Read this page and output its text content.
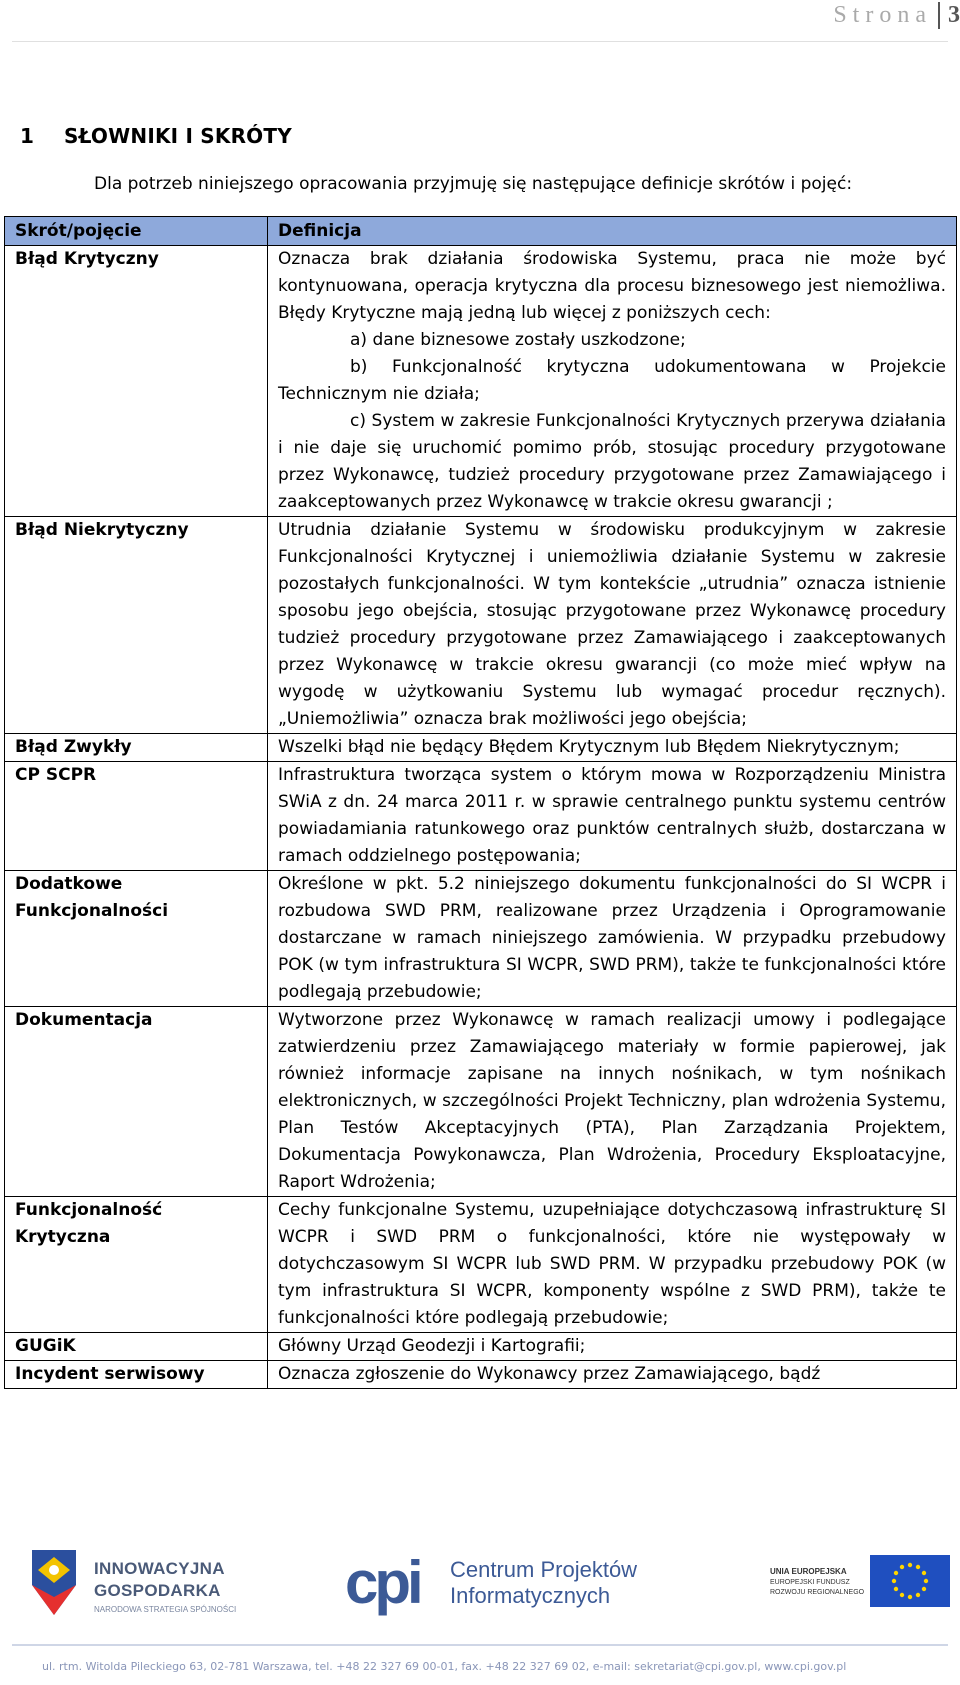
Strona 3
1 SŁOWNIKI I SKRÓTY
Dla potrzeb niniejszego opracowania przyjmuję się następujące definicje skrótów i pojęć:
Skrót/pojęcie	Definicja
Błąd Krytyczny	Oznacza brak działania środowiska Systemu, praca nie może być kontynuowana, operacja krytyczna dla procesu biznesowego jest niemożliwa. Błędy Krytyczne mają jedną lub więcej z poniższych cech:
a) dane biznesowe zostały uszkodzone;
b) Funkcjonalność krytyczna udokumentowana w Projekcie Technicznym nie działa;
c) System w zakresie Funkcjonalności Krytycznych przerywa działania i nie daje się uruchomić pomimo prób, stosując procedury przygotowane przez Wykonawcę, tudzież procedury przygotowane przez Zamawiającego i zaakceptowanych przez Wykonawcę w trakcie okresu gwarancji ;

Błąd Niekrytyczny	Utrudnia działanie Systemu w środowisku produkcyjnym w zakresie Funkcjonalności Krytycznej i uniemożliwia działanie Systemu w zakresie pozostałych funkcjonalności. W tym kontekście „utrudnia” oznacza istnienie sposobu jego obejścia, stosując przygotowane przez Wykonawcę procedury tudzież procedury przygotowane przez Zamawiającego i zaakceptowanych przez Wykonawcę w trakcie okresu gwarancji (co może mieć wpływ na wygodę w użytkowaniu Systemu lub wymagać procedur ręcznych). „Uniemożliwia” oznacza brak możliwości jego obejścia;
Błąd Zwykły	Wszelki błąd nie będący Błędem Krytycznym lub Błędem Niekrytycznym;
CP SCPR	Infrastruktura tworząca system o którym mowa w Rozporządzeniu Ministra SWiA z dn. 24 marca 2011 r. w sprawie centralnego punktu systemu centrów powiadamiania ratunkowego oraz punktów centralnych służb, dostarczana w ramach oddzielnego postępowania;
Dodatkowe Funkcjonalności	Określone w pkt. 5.2 niniejszego dokumentu funkcjonalności do SI WCPR i rozbudowa SWD PRM, realizowane przez Urządzenia i Oprogramowanie dostarczane w ramach niniejszego zamówienia. W przypadku przebudowy POK (w tym infrastruktura SI WCPR, SWD PRM), także te funkcjonalności które podlegają przebudowie;
Dokumentacja	Wytworzone przez Wykonawcę w ramach realizacji umowy i podlegające zatwierdzeniu przez Zamawiającego materiały w formie papierowej, jak również informacje zapisane na innych nośnikach, w tym nośnikach elektronicznych, w szczególności Projekt Techniczny, plan wdrożenia Systemu, Plan Testów Akceptacyjnych (PTA), Plan Zarządzania Projektem, Dokumentacja Powykonawcza, Plan Wdrożenia, Procedury Eksploatacyjne, Raport Wdrożenia;
Funkcjonalność Krytyczna	Cechy funkcjonalne Systemu, uzupełniające dotychczasową infrastrukturę SI WCPR i SWD PRM o funkcjonalności, które nie występowały w dotychczasowym SI WCPR lub SWD PRM. W przypadku przebudowy POK (w tym infrastruktura SI WCPR, komponenty wspólne z SWD PRM), także te funkcjonalności które podlegają przebudowie;
GUGiK	Główny Urząd Geodezji i Kartografii;
Incydent serwisowy	Oznacza zgłoszenie do Wykonawcy przez Zamawiającego, bądź
INNOWACYJNA
GOSPODARKA
NARODOWA STRATEGIA SPÓJNOŚCI cpi Centrum Projektów
Informatycznych
UNIA EUROPEJSKA
EUROPEJSKI FUNDUSZ
ROZWOJU REGIONALNEGO
ul. rtm. Witolda Pileckiego 63, 02-781 Warszawa, tel. +48 22 327 69 00-01, fax. +48 22 327 69 02, e-mail: sekretariat@cpi.gov.pl, www.cpi.gov.pl
